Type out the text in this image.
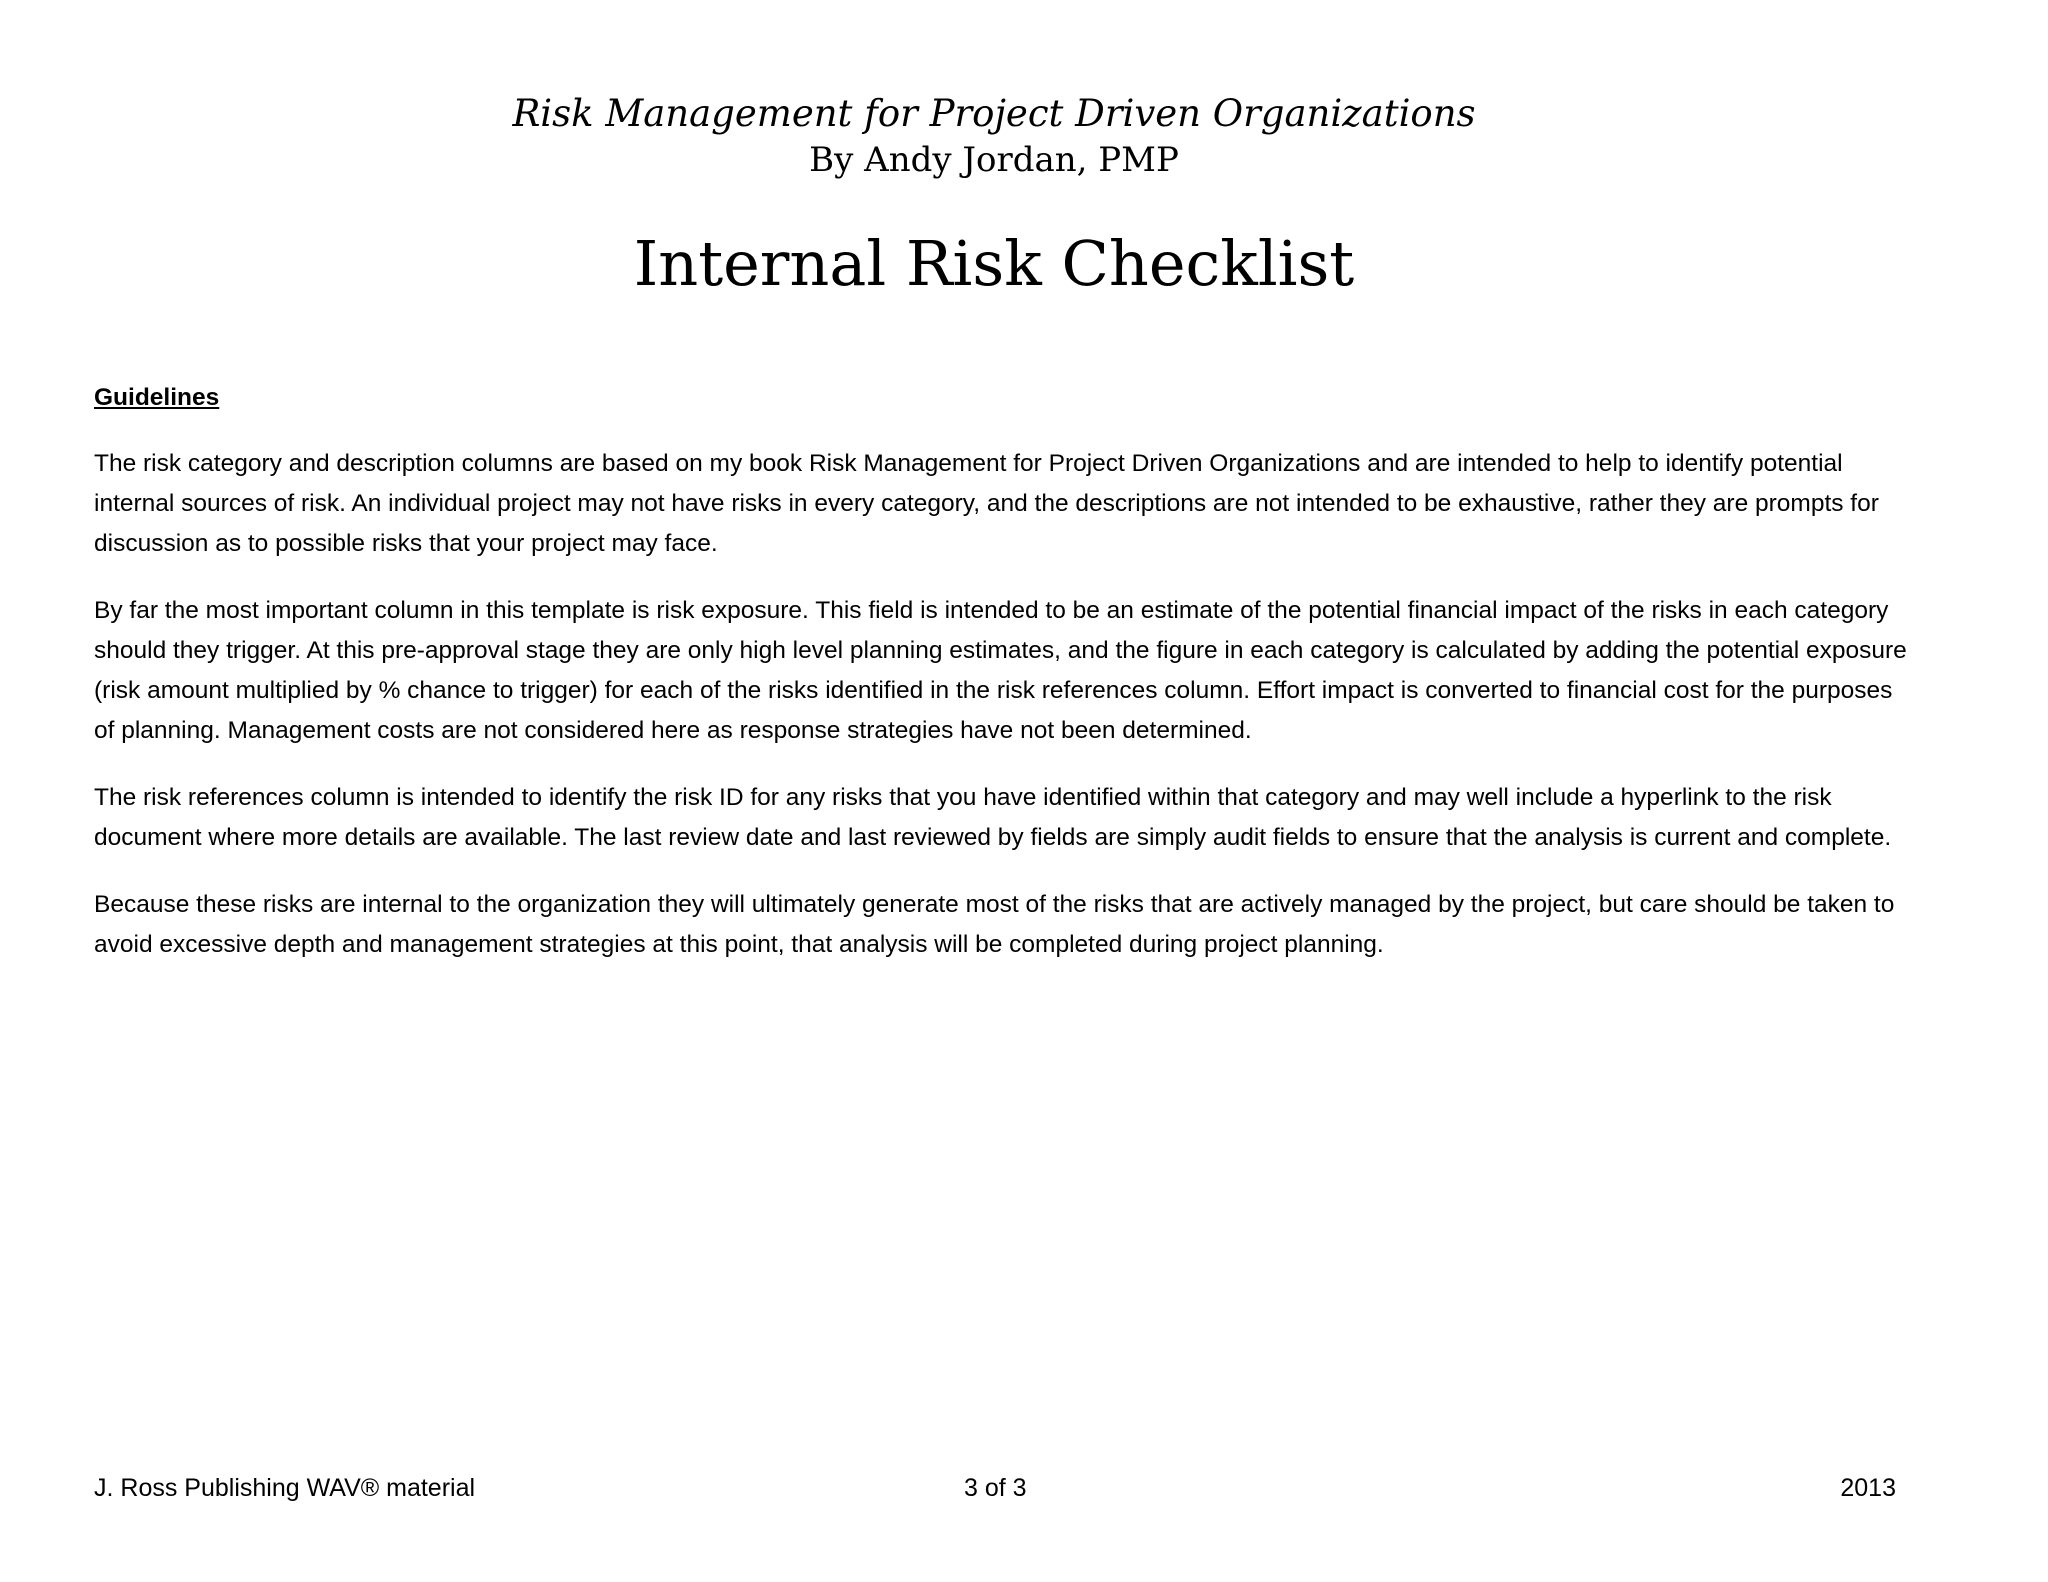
Risk Management for Project Driven Organizations

By Andy Jordan, PMP

Internal Risk Checklist

Guidelines

The risk category and description columns are based on my book Risk Management for Project Driven Organizations and are intended to help to identify potential internal sources of risk. An individual project may not have risks in every category, and the descriptions are not intended to be exhaustive, rather they are prompts for discussion as to possible risks that your project may face.

By far the most important column in this template is risk exposure. This field is intended to be an estimate of the potential financial impact of the risks in each category should they trigger. At this pre-approval stage they are only high level planning estimates, and the figure in each category is calculated by adding the potential exposure (risk amount multiplied by % chance to trigger) for each of the risks identified in the risk references column. Effort impact is converted to financial cost for the purposes of planning. Management costs are not considered here as response strategies have not been determined.

The risk references column is intended to identify the risk ID for any risks that you have identified within that category and may well include a hyperlink to the risk document where more details are available. The last review date and last reviewed by fields are simply audit fields to ensure that the analysis is current and complete.

Because these risks are internal to the organization they will ultimately generate most of the risks that are actively managed by the project, but care should be taken to avoid excessive depth and management strategies at this point, that analysis will be completed during project planning.

J. Ross Publishing WAV® material	3 of 3	2013
